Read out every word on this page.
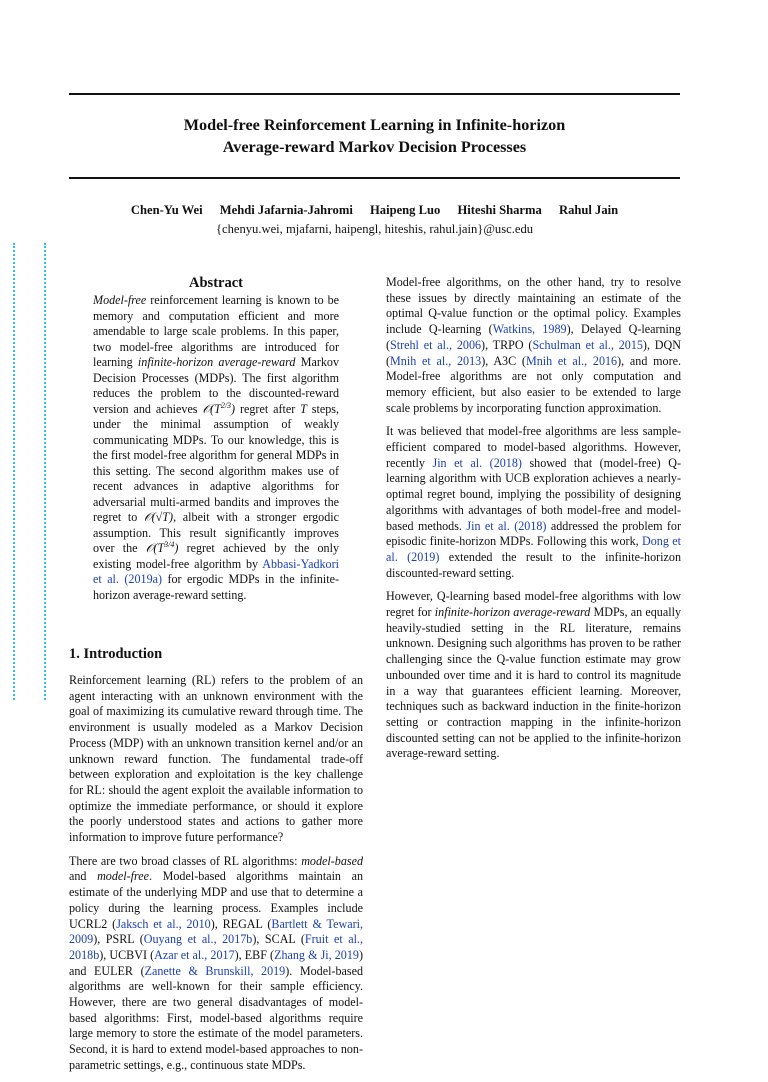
Model-free Reinforcement Learning in Infinite-horizon
Average-reward Markov Decision Processes
Chen-Yu Wei Mehdi Jafarnia-Jahromi Haipeng Luo Hiteshi Sharma Rahul Jain
{chenyu.wei, mjafarni, haipengl, hiteshis, rahul.jain}@usc.edu
Abstract
Model-free reinforcement learning is known to be memory and computation efficient and more amendable to large scale problems. In this paper, two model-free algorithms are introduced for learning infinite-horizon average-reward Markov Decision Processes (MDPs). The first algorithm reduces the problem to the discounted-reward version and achieves $𝒪(T^{2/3})$ regret after T steps, under the minimal assumption of weakly communicating MDPs. To our knowledge, this is the first model-free algorithm for general MDPs in this setting. The second algorithm makes use of recent advances in adaptive algorithms for adversarial multi-armed bandits and improves the regret to 𝒪(√T), albeit with a stronger ergodic assumption. This result significantly improves over the $𝒪(T^{3/4})$ regret achieved by the only existing model-free algorithm by Abbasi-Yadkori et al. (2019a) for ergodic MDPs in the infinite-horizon average-reward setting.
1. Introduction

Reinforcement learning (RL) refers to the problem of an agent interacting with an unknown environment with the goal of maximizing its cumulative reward through time. The environment is usually modeled as a Markov Decision Process (MDP) with an unknown transition kernel and/or an unknown reward function. The fundamental trade-off between exploration and exploitation is the key challenge for RL: should the agent exploit the available information to optimize the immediate performance, or should it explore the poorly understood states and actions to gather more information to improve future performance?

There are two broad classes of RL algorithms: model-based and model-free. Model-based algorithms maintain an estimate of the underlying MDP and use that to determine a policy during the learning process. Examples include UCRL2 (Jaksch et al., 2010), REGAL (Bartlett & Tewari, 2009), PSRL (Ouyang et al., 2017b), SCAL (Fruit et al., 2018b), UCBVI (Azar et al., 2017), EBF (Zhang & Ji, 2019) and EULER (Zanette & Brunskill, 2019). Model-based algorithms are well-known for their sample efficiency. However, there are two general disadvantages of model-based algorithms: First, model-based algorithms require large memory to store the estimate of the model parameters. Second, it is hard to extend model-based approaches to non-parametric settings, e.g., continuous state MDPs.

Model-free algorithms, on the other hand, try to resolve these issues by directly maintaining an estimate of the optimal Q-value function or the optimal policy. Examples include Q-learning (Watkins, 1989), Delayed Q-learning (Strehl et al., 2006), TRPO (Schulman et al., 2015), DQN (Mnih et al., 2013), A3C (Mnih et al., 2016), and more. Model-free algorithms are not only computation and memory efficient, but also easier to be extended to large scale problems by incorporating function approximation.

It was believed that model-free algorithms are less sample-efficient compared to model-based algorithms. However, recently Jin et al. (2018) showed that (model-free) Q-learning algorithm with UCB exploration achieves a nearly-optimal regret bound, implying the possibility of designing algorithms with advantages of both model-free and model-based methods. Jin et al. (2018) addressed the problem for episodic finite-horizon MDPs. Following this work, Dong et al. (2019) extended the result to the infinite-horizon discounted-reward setting.

However, Q-learning based model-free algorithms with low regret for infinite-horizon average-reward MDPs, an equally heavily-studied setting in the RL literature, remains unknown. Designing such algorithms has proven to be rather challenging since the Q-value function estimate may grow unbounded over time and it is hard to control its magnitude in a way that guarantees efficient learning. Moreover, techniques such as backward induction in the finite-horizon setting or contraction mapping in the infinite-horizon discounted setting can not be applied to the infinite-horizon average-reward setting.
